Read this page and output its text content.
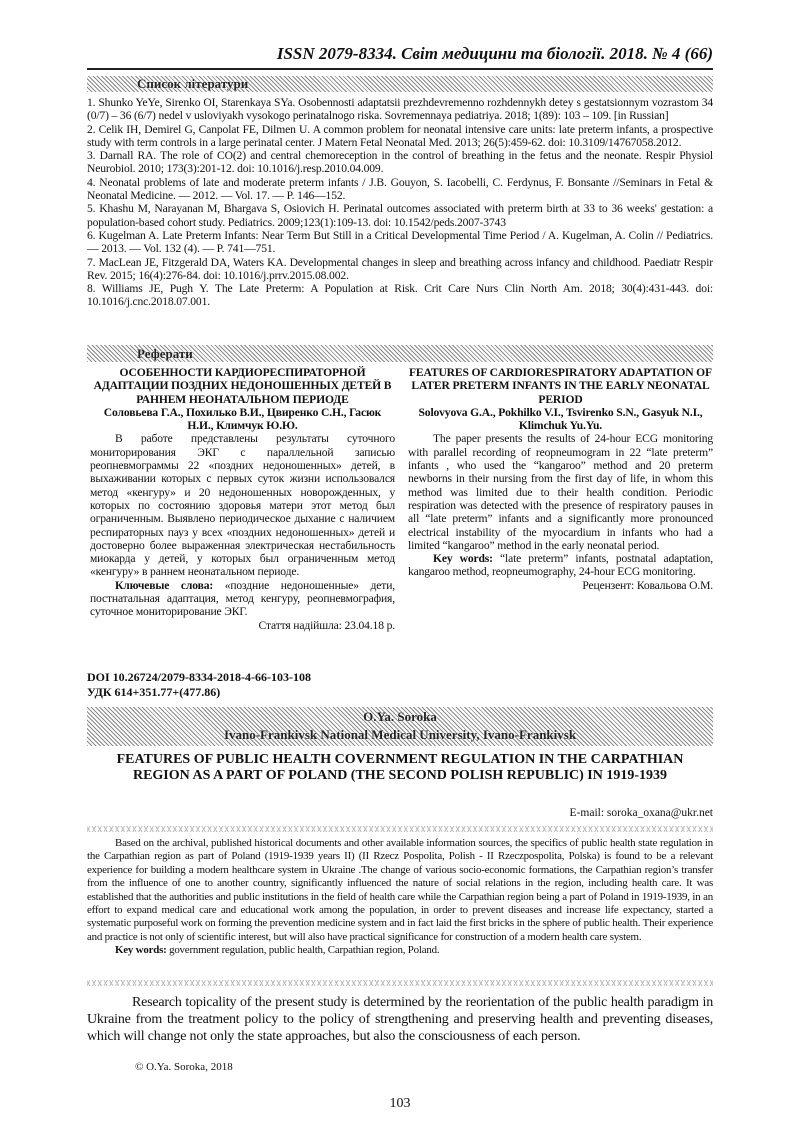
ISSN 2079-8334. Світ медицини та біології. 2018. № 4 (66)
Список літератури

1. Shunko YeYe, Sirenko OI, Starenkaya SYa. Osobennosti adaptatsii prezhdevremenno rozhdennykh detey s gestatsionnym vozrastom 34 (0/7) – 36 (6/7) nedel v usloviyakh vysokogo perinatalnogo riska. Sovremennaya pediatriya. 2018; 1(89): 103 – 109. [in Russian]

2. Celik IH, Demirel G, Canpolat FE, Dilmen U. A common problem for neonatal intensive care units: late preterm infants, a prospective study with term controls in a large perinatal center. J Matern Fetal Neonatal Med. 2013; 26(5):459-62. doi: 10.3109/14767058.2012.

3. Darnall RA. The role of CO(2) and central chemoreception in the control of breathing in the fetus and the neonate. Respir Physiol Neurobiol. 2010; 173(3):201-12. doi: 10.1016/j.resp.2010.04.009.

4. Neonatal problems of late and moderate preterm infants / J.B. Gouyon, S. Iacobelli, C. Ferdynus, F. Bonsante //Seminars in Fetal & Neonatal Medicine. — 2012. — Vol. 17. — P. 146—152.

5. Khashu M, Narayanan M, Bhargava S, Osiovich H. Perinatal outcomes associated with preterm birth at 33 to 36 weeks' gestation: a population-based cohort study. Pediatrics. 2009;123(1):109-13. doi: 10.1542/peds.2007-3743

6. Kugelman A. Late Preterm Infants: Near Term But Still in a Critical Developmental Time Period / A. Kugelman, A. Colin // Pediatrics. — 2013. — Vol. 132 (4). — P. 741—751.

7. MacLean JE, Fitzgerald DA, Waters KA. Developmental changes in sleep and breathing across infancy and childhood. Paediatr Respir Rev. 2015; 16(4):276-84. doi: 10.1016/j.prrv.2015.08.002.

8. Williams JE, Pugh Y. The Late Preterm: A Population at Risk. Crit Care Nurs Clin North Am. 2018; 30(4):431-443. doi: 10.1016/j.cnc.2018.07.001.

Реферати
ОСОБЕННОСТИ КАРДИОРЕСПИРАТОРНОЙ АДАПТАЦИИ ПОЗДНИХ НЕДОНОШЕННЫХ ДЕТЕЙ В РАННЕМ НЕОНАТАЛЬНОМ ПЕРИОДЕ
Соловьева Г.А., Похилько В.И., Цвиренко С.Н., Гасюк Н.И., Климчук Ю.Ю.

В работе представлены результаты суточного мониторирования ЭКГ с параллельной записью реопневмограммы 22 «поздних недоношенных» детей, в выхаживании которых с первых суток жизни использовался метод «кенгуру» и 20 недоношенных новорожденных, у которых по состоянию здоровья матери этот метод был ограниченным. Выявлено периодическое дыхание с наличием респираторных пауз у всех «поздних недоношенных» детей и достоверно более выраженная электрическая нестабильность миокарда у детей, у которых был ограниченным метод «кенгуру» в раннем неонатальном периоде.

Ключевые слова: «поздние недоношенные» дети, постнатальная адаптация, метод кенгуру, реопневмография, суточное мониторирование ЭКГ.

Стаття надійшла: 23.04.18 р.

FEATURES OF CARDIORESPIRATORY ADAPTATION OF LATER PRETERM INFANTS IN THE EARLY NEONATAL PERIOD
Solovyova G.A., Pokhilko V.I., Tsvirenko S.N., Gasyuk N.I., Klimchuk Yu.Yu.

The paper presents the results of 24-hour ECG monitoring with parallel recording of reopneumogram in 22 “late preterm” infants , who used the “kangaroo” method and 20 preterm newborns in their nursing from the first day of life, in whom this method was limited due to their health condition. Periodic respiration was detected with the presence of respiratory pauses in all “late preterm” infants and a significantly more pronounced electrical instability of the myocardium in infants who had a limited “kangaroo” method in the early neonatal period.

Key words: “late preterm” infants, postnatal adaptation, kangaroo method, reopneumography, 24-hour ECG monitoring.

Рецензент: Ковальова О.М.

DOI 10.26724/2079-8334-2018-4-66-103-108
УДК 614+351.77+(477.86)
O.Ya. Soroka
Ivano-Frankivsk National Medical University, Ivano-Frankivsk
FEATURES OF PUBLIC HEALTH COVERNMENT REGULATION IN THE CARPATHIAN REGION AS A PART OF POLAND (THE SECOND POLISH REPUBLIC) IN 1919-1939
E-mail: soroka_oxana@ukr.net

Based on the archival, published historical documents and other available information sources, the specifics of public health state regulation in the Carpathian region as part of Poland (1919-1939 years II) (II Rzecz Pospolita, Polish - II Rzeczpospolita, Polska) is found to be a relevant experience for building a modern healthcare system in Ukraine .The change of various socio-economic formations, the Carpathian region’s transfer from the influence of one to another country, significantly influenced the nature of social relations in the region, including health care. It was established that the authorities and public institutions in the field of health care while the Carpathian region being a part of Poland in 1919-1939, in an effort to expand medical care and educational work among the population, in order to prevent diseases and increase life expectancy, started a systematic purposeful work on forming the prevention medicine system and in fact laid the first bricks in the sphere of public health. Their experience and practice is not only of scientific interest, but will also have practical significance for construction of a modern health care system.

Key words: government regulation, public health, Carpathian region, Poland.

Research topicality of the present study is determined by the reorientation of the public health paradigm in Ukraine from the treatment policy to the policy of strengthening and preserving health and preventing diseases, which will change not only the state approaches, but also the consciousness of each person.

© O.Ya. Soroka, 2018
103
